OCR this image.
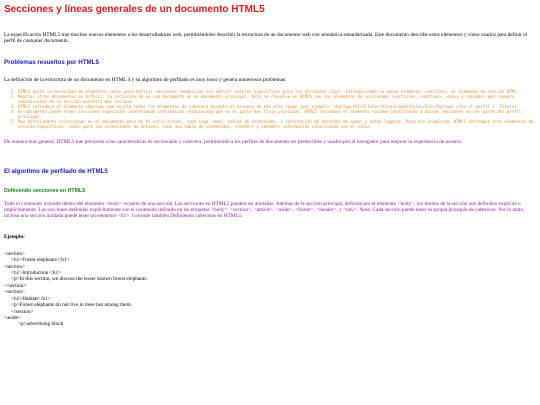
Secciones y líneas generales de un documento HTML5

La especificación HTML5 trae muchos nuevos elementos a los desarrolladores web, permitiéndoles describir la estructura de un documento web con semántica estandarizada. Este documento describe estos elementos y cómo usarlos para definir el perfil de cualquier documento.

Problemas resueltos por HTML5

La definición de la estructura de un documento en HTML 4 y su algoritmo de perfilado es muy tosco y genera numerosos problemas:

1. HTML5 quita la necesidad de elementos <div> para definir secciones semánticas sin definir valores específicos para los atributos class, introduciendo un nuevo elemento, <section>, el elemento de sección HTML.
2. Mezclar otros documentos es difícil: la inclusión de un sub-documento en un documento principal. Esto se resuelve en HTML5 con los elementos de seccionado (<article>, <section>, <nav> y <aside>) que siempre subsecciones de su sección ancestra más cercana.
3. HTML5 introduce el elemento <hgroup> que oculta todos los elementos de cabecera excepto el primero de más alto rango (por ejemplo, <hgroup><h1>Título</h1><h2>Subtítulo</h2></hgroup> crea el perfil 1. Título).
4. Un documento puede tener secciones especiales conteniendo información relacionada que no es parte del flujo principal. HTML5 introduce el elemento <aside> permitiendo a dichas secciones no ser parte del perfil principal.
5. Muy difícilmente seleccionar en el documento pero en el sitio actual, como logo, menú, tablas de contenidos, o información de derechos de autor y notas legales. Para ese propósito, HTML5 introduce tres elementos de sección específicos: <nav> para las colecciones de enlaces, como una tabla de contenidos, <footer> y <header> información relacionada con el sitio.

De manera más general, HTML5 trae precisión a las características de seccionado y cabecera, permitiendo a los perfiles de documento ser predecibles y usados por el navegador para mejorar la experiencia de usuario.

El algoritmo de perfilado de HTML5
Definiendo secciones en HTML5

Todo el contenido incluido dentro del elemento <body> es parte de una sección. Las secciones en HTML5 pueden ser anidadas. Además de la sección principal, definida por el elemento <body>, los límites de la sección son definidos explícita o implícitamente. Las secciones definidas explícitamente son el contenido definido en las etiquetas <body>, <section>, <article>, <aside>, <footer>, <header>, y <nav>. Nota: Cada sección puede tener su propia jerarquía de cabeceras. Por lo tanto, incluso una sección anidada puede tener un elemento <h1>. Consulte también Definiendo cabeceras en HTML5.

Ejemplo:
<section>
<h1>Forest elephants</h1>
<section>
<h1>Introduction</h1>
<p>In this section, we discuss the lesser known forest elephants.
</section>
<section>
<h1>Habitat</h1>
<p>Forest elephants do not live in trees but among them.
</section>
<aside>
<p>advertising block
